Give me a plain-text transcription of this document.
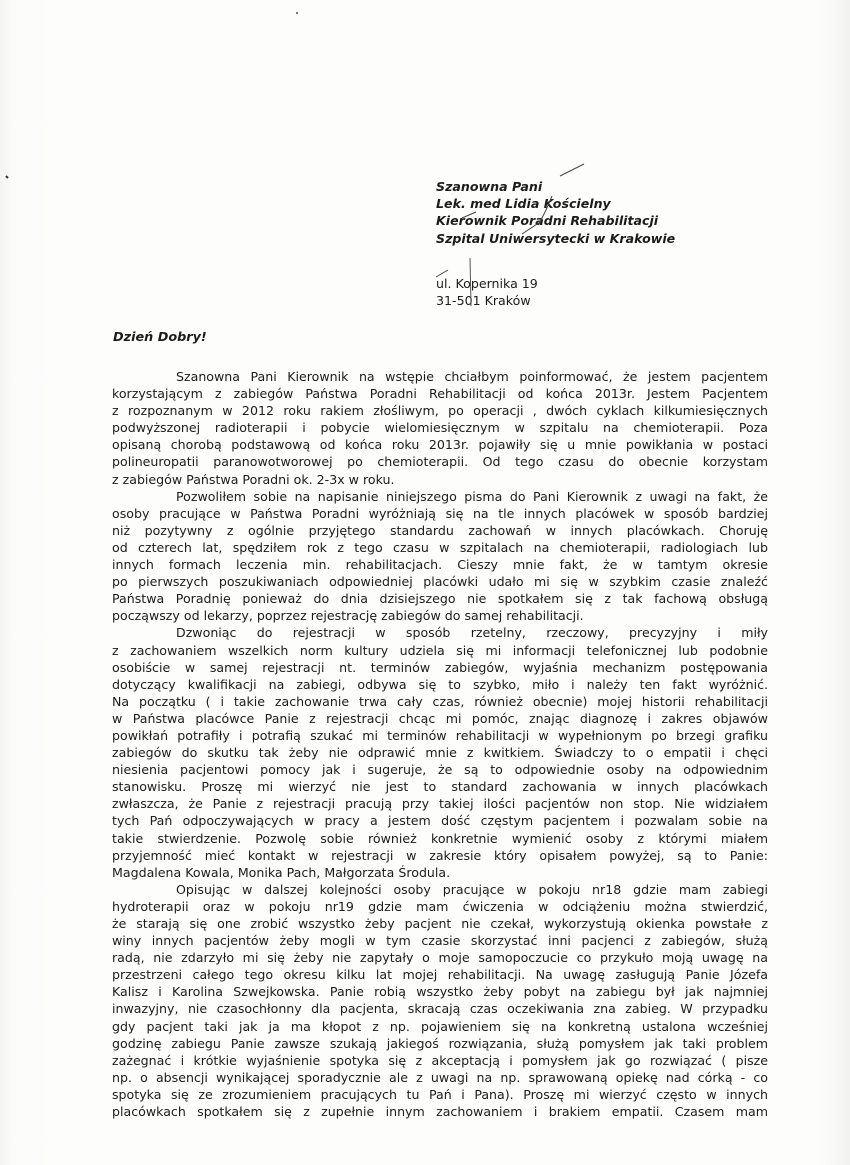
Szanowna Pani

Lek. med Lidia Kościelny

Kierownik Poradni Rehabilitacji

Szpital Uniwersytecki w Krakowie

ul. Kopernika 19

31-501 Kraków

Dzień Dobry!

Szanowna Pani Kierownik na wstępie chciałbym poinformować, że jestem pacjentem

korzystającym z zabiegów Państwa Poradni Rehabilitacji od końca 2013r. Jestem Pacjentem

z rozpoznanym w 2012 roku rakiem złośliwym, po operacji , dwóch cyklach kilkumiesięcznych

podwyższonej radioterapii i pobycie wielomiesięcznym w szpitalu na chemioterapii. Poza

opisaną chorobą podstawową od końca roku 2013r. pojawiły się u mnie powikłania w postaci

polineuropatii paranowotworowej po chemioterapii. Od tego czasu do obecnie korzystam

z zabiegów Państwa Poradni ok. 2-3x w roku.

Pozwoliłem sobie na napisanie niniejszego pisma do Pani Kierownik z uwagi na fakt, że

osoby pracujące w Państwa Poradni wyróżniają się na tle innych placówek w sposób bardziej

niż pozytywny z ogólnie przyjętego standardu zachowań w innych placówkach. Choruję

od czterech lat, spędziłem rok z tego czasu w szpitalach na chemioterapii, radiologiach lub

innych formach leczenia min. rehabilitacjach. Cieszy mnie fakt, że w tamtym okresie

po pierwszych poszukiwaniach odpowiedniej placówki udało mi się w szybkim czasie znaleźć

Państwa Poradnię ponieważ do dnia dzisiejszego nie spotkałem się z tak fachową obsługą

począwszy od lekarzy, poprzez rejestrację zabiegów do samej rehabilitacji.

Dzwoniąc do rejestracji w sposób rzetelny, rzeczowy, precyzyjny i miły

z zachowaniem wszelkich norm kultury udziela się mi informacji telefonicznej lub podobnie

osobiście w samej rejestracji nt. terminów zabiegów, wyjaśnia mechanizm postępowania

dotyczący kwalifikacji na zabiegi, odbywa się to szybko, miło i należy ten fakt wyróżnić.

Na początku ( i takie zachowanie trwa cały czas, również obecnie) mojej historii rehabilitacji

w Państwa placówce Panie z rejestracji chcąc mi pomóc, znając diagnozę i zakres objawów

powikłań potrafiły i potrafią szukać mi terminów rehabilitacji w wypełnionym po brzegi grafiku

zabiegów do skutku tak żeby nie odprawić mnie z kwitkiem. Świadczy to o empatii i chęci

niesienia pacjentowi pomocy jak i sugeruje, że są to odpowiednie osoby na odpowiednim

stanowisku. Proszę mi wierzyć nie jest to standard zachowania w innych placówkach

zwłaszcza, że Panie z rejestracji pracują przy takiej ilości pacjentów non stop. Nie widziałem

tych Pań odpoczywających w pracy a jestem dość częstym pacjentem i pozwalam sobie na

takie stwierdzenie. Pozwolę sobie również konkretnie wymienić osoby z którymi miałem

przyjemność mieć kontakt w rejestracji w zakresie który opisałem powyżej, są to Panie:

Magdalena Kowala, Monika Pach, Małgorzata Środula.

Opisując w dalszej kolejności osoby pracujące w pokoju nr18 gdzie mam zabiegi

hydroterapii oraz w pokoju nr19 gdzie mam ćwiczenia w odciążeniu można stwierdzić,

że starają się one zrobić wszystko żeby pacjent nie czekał, wykorzystują okienka powstałe z

winy innych pacjentów żeby mogli w tym czasie skorzystać inni pacjenci z zabiegów, służą

radą, nie zdarzyło mi się żeby nie zapytały o moje samopoczucie co przykuło moją uwagę na

przestrzeni całego tego okresu kilku lat mojej rehabilitacji. Na uwagę zasługują Panie Józefa

Kalisz i Karolina Szwejkowska. Panie robią wszystko żeby pobyt na zabiegu był jak najmniej

inwazyjny, nie czasochłonny dla pacjenta, skracają czas oczekiwania zna zabieg. W przypadku

gdy pacjent taki jak ja ma kłopot z np. pojawieniem się na konkretną ustalona wcześniej

godzinę zabiegu Panie zawsze szukają jakiegoś rozwiązania, służą pomysłem jak taki problem

zażegnać i krótkie wyjaśnienie spotyka się z akceptacją i pomysłem jak go rozwiązać ( pisze

np. o absencji wynikającej sporadycznie ale z uwagi na np. sprawowaną opiekę nad córką - co

spotyka się ze zrozumieniem pracujących tu Pań i Pana). Proszę mi wierzyć często w innych

placówkach spotkałem się z zupełnie innym zachowaniem i brakiem empatii. Czasem mam
